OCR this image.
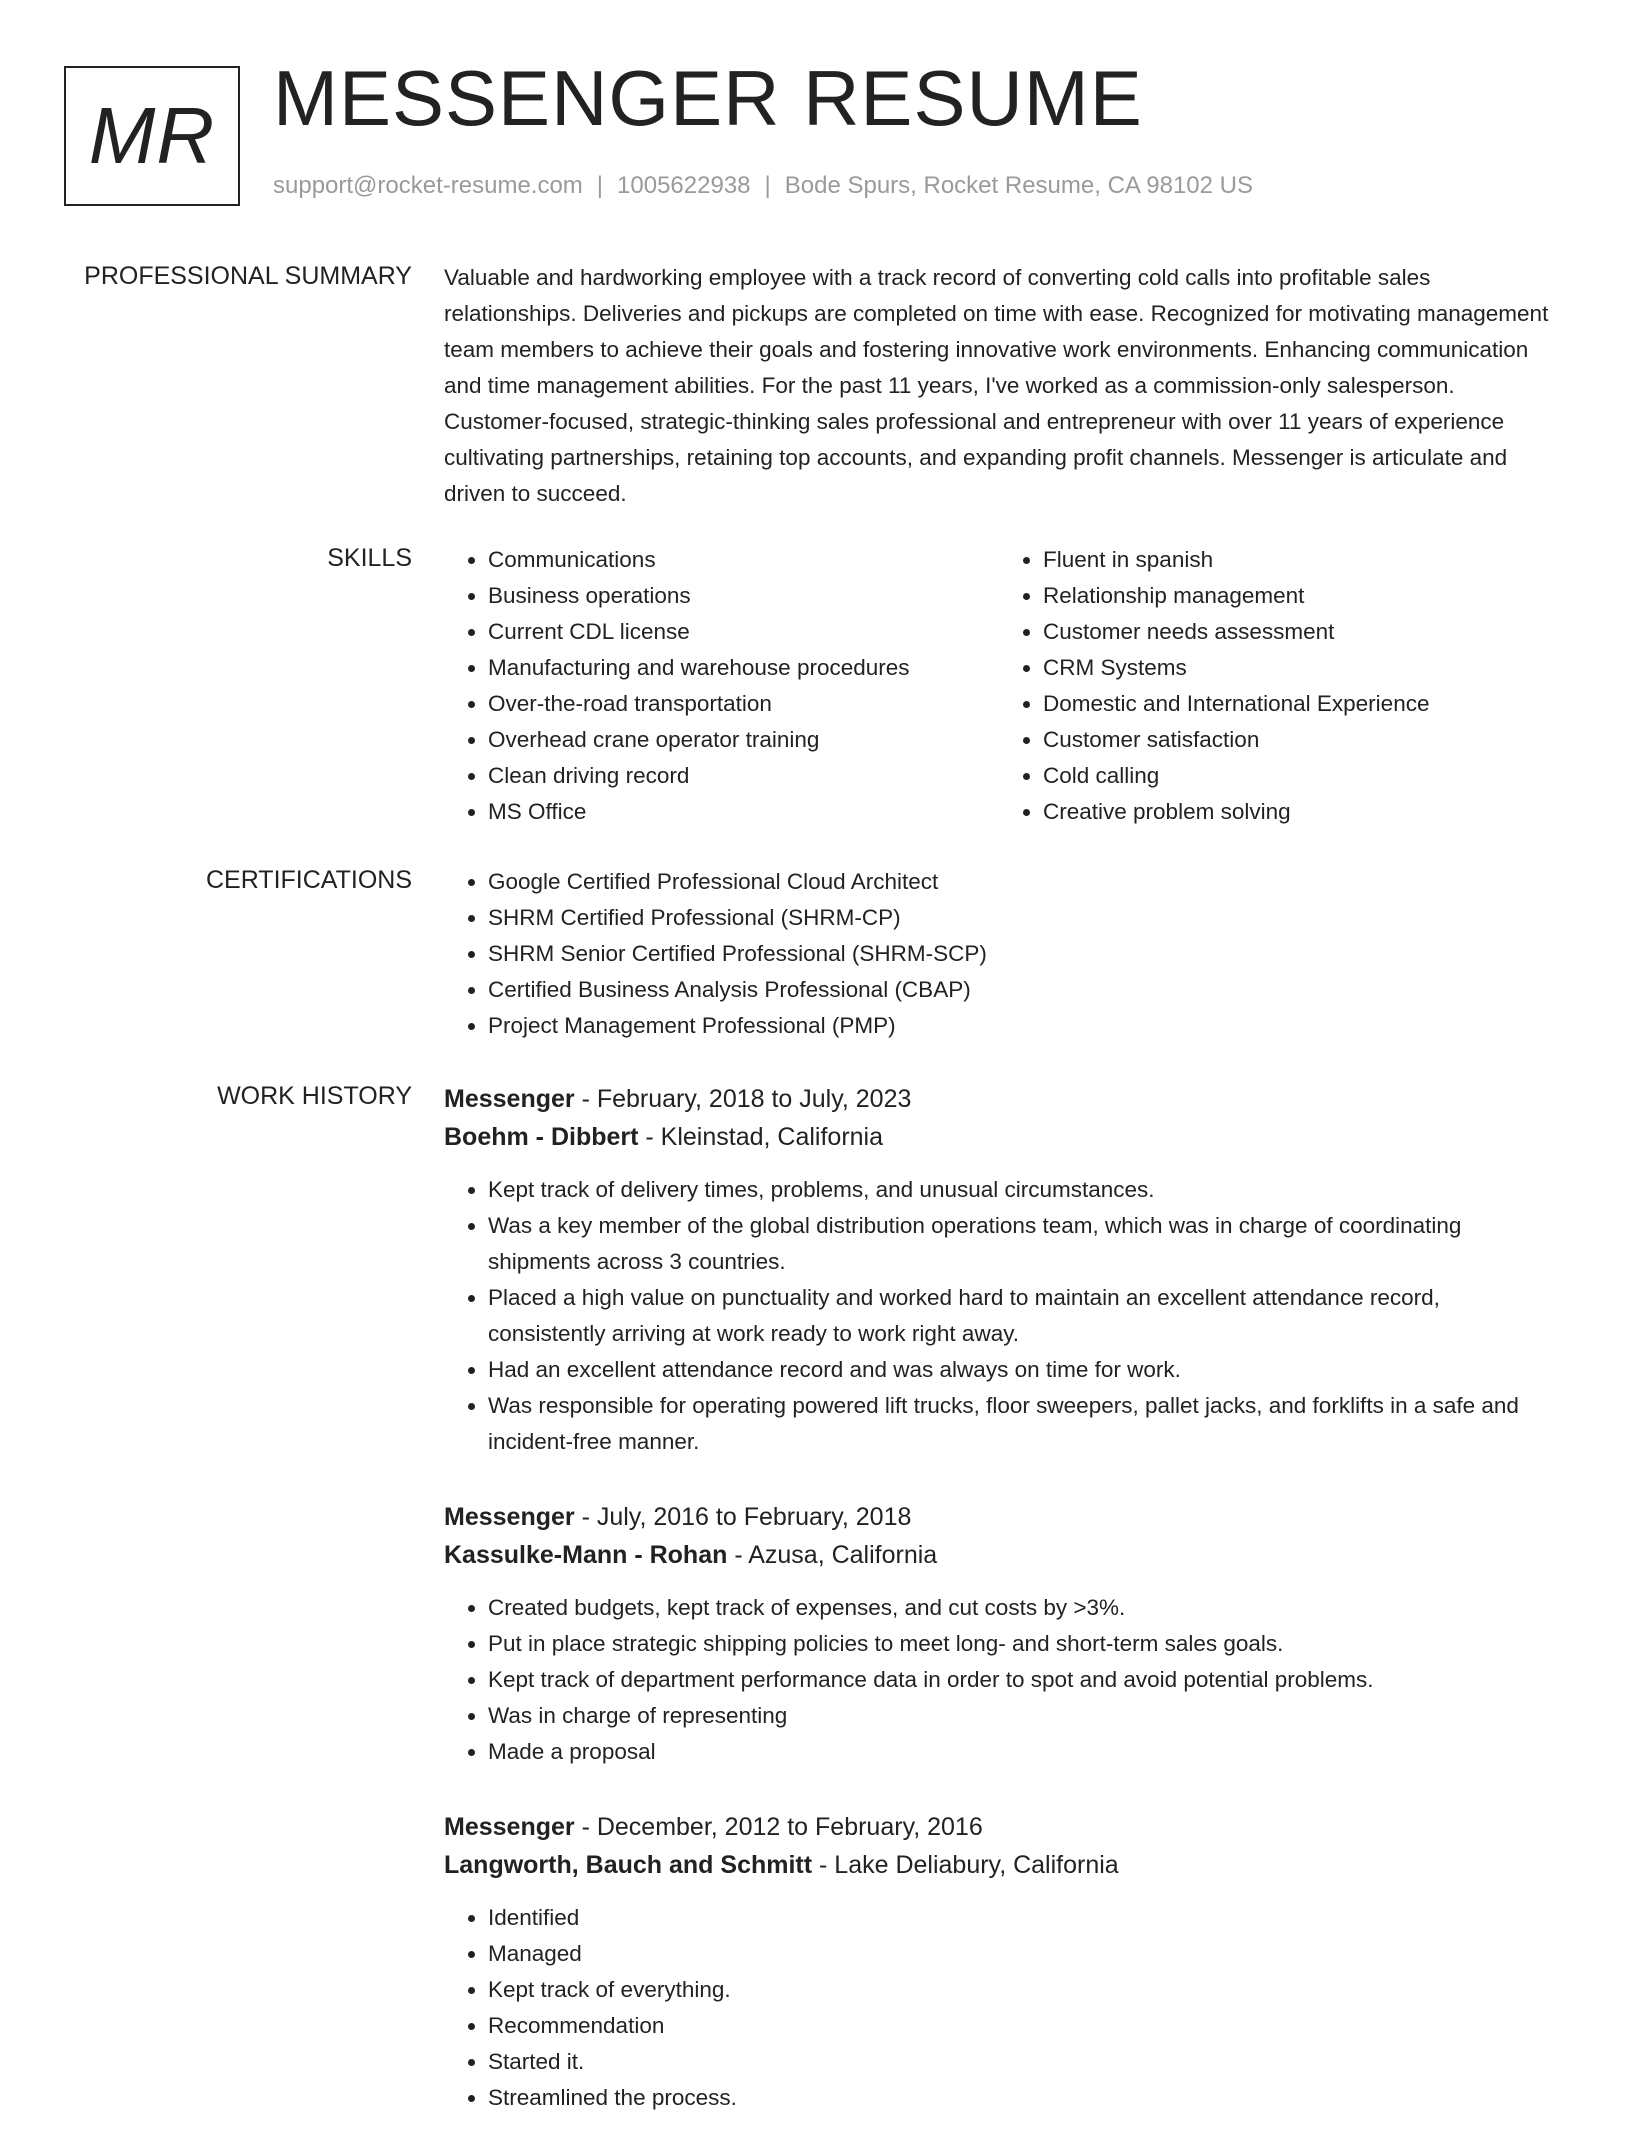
MR MESSENGER RESUME
support@rocket-resume.com | 1005622938 | Bode Spurs, Rocket Resume, CA 98102 US
PROFESSIONAL SUMMARY Valuable and hardworking employee with a track record of converting cold calls into profitable sales relationships. Deliveries and pickups are completed on time with ease. Recognized for motivating management team members to achieve their goals and fostering innovative work environments. Enhancing communication and time management abilities. For the past 11 years, I've worked as a commission-only salesperson. Customer-focused, strategic-thinking sales professional and entrepreneur with over 11 years of experience cultivating partnerships, retaining top accounts, and expanding profit channels. Messenger is articulate and driven to succeed.
SKILLS	• Communications
• Business operations
• Current CDL license
• Manufacturing and warehouse procedures
• Over-the-road transportation
• Overhead crane operator training
• Clean driving record
• MS Office
• Fluent in spanish
• Relationship management
• Customer needs assessment
• CRM Systems
• Domestic and International Experience
• Customer satisfaction
• Cold calling
• Creative problem solving
CERTIFICATIONS	• Google Certified Professional Cloud Architect
• SHRM Certified Professional (SHRM-CP)
• SHRM Senior Certified Professional (SHRM-SCP)
• Certified Business Analysis Professional (CBAP)
• Project Management Professional (PMP)
WORK HISTORY Messenger - February, 2018 to July, 2023
Boehm - Dibbert - Kleinstad, California
• Kept track of delivery times, problems, and unusual circumstances.
• Was a key member of the global distribution operations team, which was in charge of coordinating shipments across 3 countries.
• Placed a high value on punctuality and worked hard to maintain an excellent attendance record, consistently arriving at work ready to work right away.
• Had an excellent attendance record and was always on time for work.
• Was responsible for operating powered lift trucks, floor sweepers, pallet jacks, and forklifts in a safe and incident-free manner.
Messenger - July, 2016 to February, 2018
Kassulke-Mann - Rohan - Azusa, California
• Created budgets, kept track of expenses, and cut costs by >3%.
• Put in place strategic shipping policies to meet long- and short-term sales goals.
• Kept track of department performance data in order to spot and avoid potential problems.
• Was in charge of representing
• Made a proposal
Messenger - December, 2012 to February, 2016
Langworth, Bauch and Schmitt - Lake Deliabury, California
• Identified
• Managed
• Kept track of everything.
• Recommendation
• Started it.
• Streamlined the process.
